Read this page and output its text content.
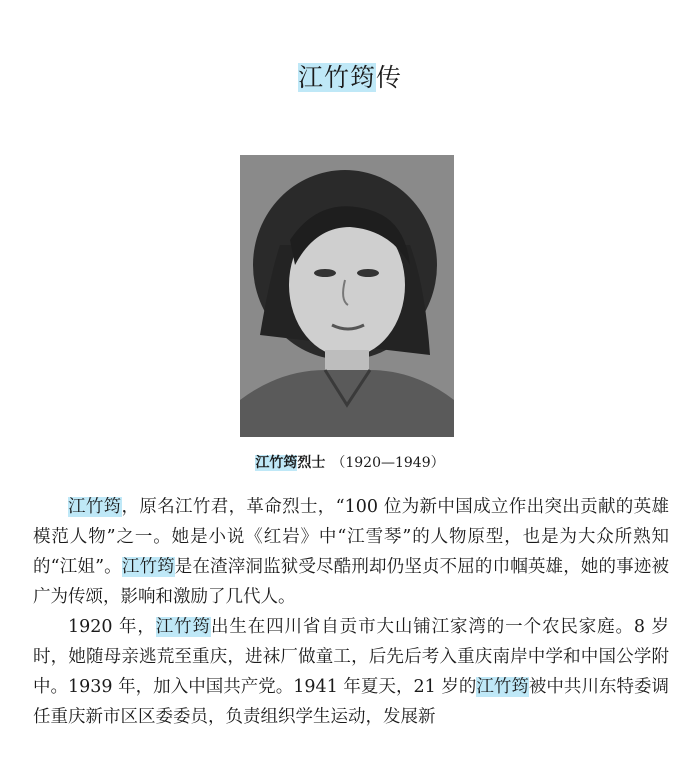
江竹筠传
江竹筠烈士 （1920—1949）

江竹筠，原名江竹君，革命烈士，“100 位为新中国成立作出突出贡献的英雄模范人物”之一。她是小说《红岩》中“江雪琴”的人物原型，也是为大众所熟知的“江姐”。江竹筠是在渣滓洞监狱受尽酷刑却仍坚贞不屈的巾帼英雄，她的事迹被广为传颂，影响和激励了几代人。

1920 年，江竹筠出生在四川省自贡市大山铺江家湾的一个农民家庭。8 岁时，她随母亲逃荒至重庆，进袜厂做童工，后先后考入重庆南岸中学和中国公学附中。1939 年，加入中国共产党。1941 年夏天，21 岁的江竹筠被中共川东特委调任重庆新市区区委委员，负责组织学生运动，发展新
